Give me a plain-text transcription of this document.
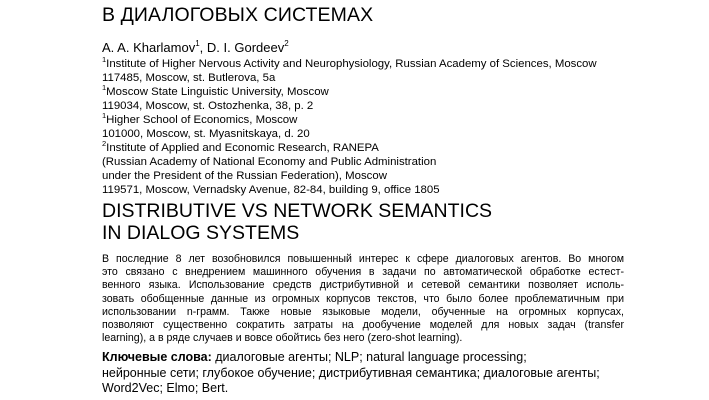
В ДИАЛОГОВЫХ СИСТЕМАХ
A. A. Kharlamov$^1$, D. I. Gordeev$^2$
$^1$Institute of Higher Nervous Activity and Neurophysiology, Russian Academy of Sciences, Moscow
117485, Moscow, st. Butlerova, 5a
$^1$Moscow State Linguistic University, Moscow
119034, Moscow, st. Ostozhenka, 38, p. 2
$^1$Higher School of Economics, Moscow
101000, Moscow, st. Myasnitskaya, d. 20
$^2$Institute of Applied and Economic Research, RANEPA
(Russian Academy of National Economy and Public Administration
under the President of the Russian Federation), Moscow
119571, Moscow, Vernadsky Avenue, 82-84, building 9, office 1805
DISTRIBUTIVE VS NETWORK SEMANTICS
IN DIALOG SYSTEMS
В последние 8 лет возобновился повышенный интерес к сфере диалоговых агентов. Во многом
это связано с внедрением машинного обучения в задачи по автоматической обработке естест-
венного языка. Использование средств дистрибутивной и сетевой семантики позволяет исполь-
зовать обобщенные данные из огромных корпусов текстов, что было более проблематичным при
использовании n-грамм. Также новые языковые модели, обученные на огромных корпусах,
позволяют существенно сократить затраты на дообучение моделей для новых задач (transfer
learning), а в ряде случаев и вовсе обойтись без него (zero-shot learning).
Ключевые слова: диалоговые агенты; NLP; natural language processing;
нейронные сети; глубокое обучение; дистрибутивная семантика; диалоговые агенты;
Word2Vec; Elmo; Bert.
